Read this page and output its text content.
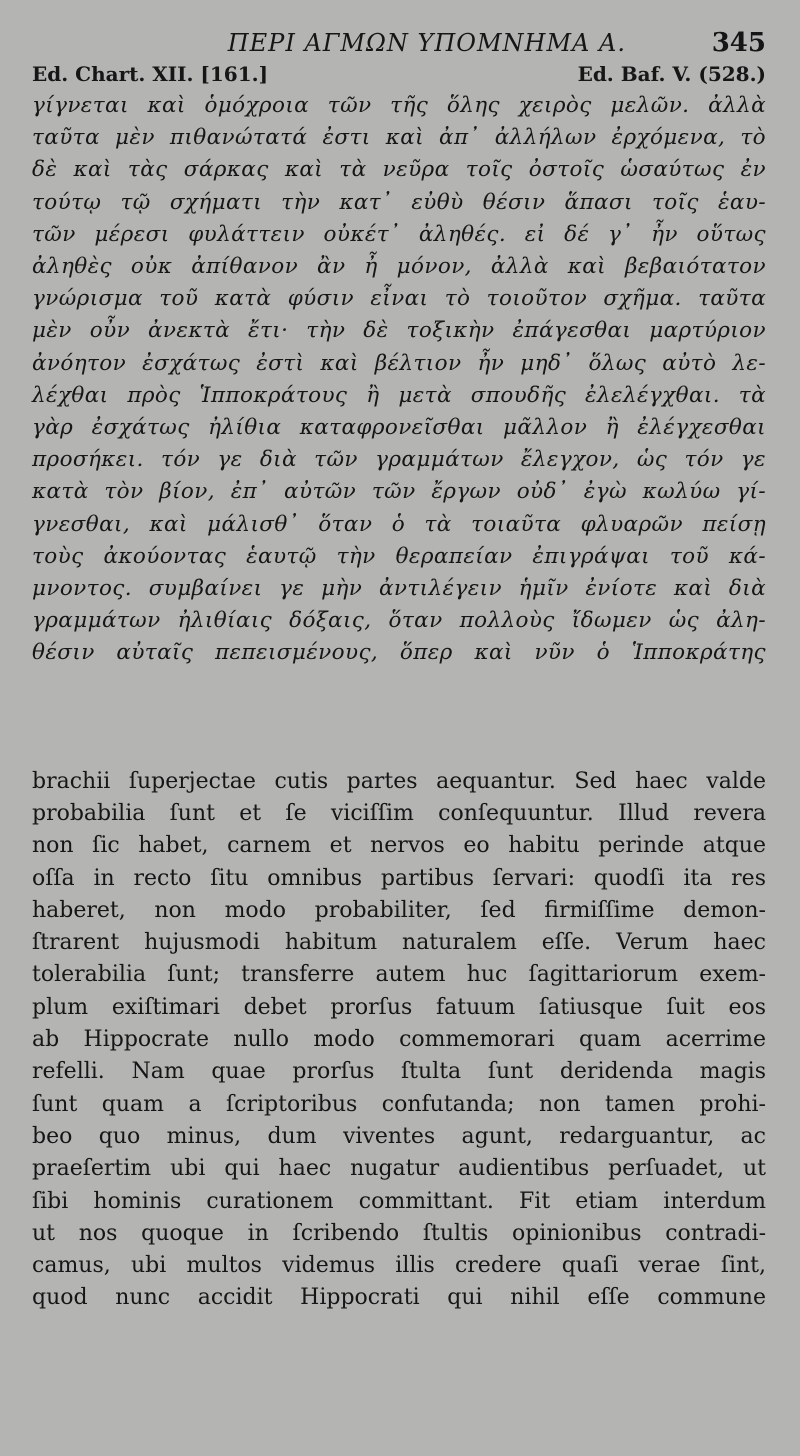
ΠΕΡΙ ΑΓΜΩΝ ΥΠΟΜΝΗΜΑ Α.	345
Ed. Chart. XII. [161.]	Ed. Baf. V. (528.)

γίγνεται καὶ ὁμόχροια τῶν τῆς ὅλης χειρὸς μελῶν. ἀλλὰ

ταῦτα μὲν πιθανώτατά ἐστι καὶ ἀπ᾿ ἀλλήλων ἐρχόμενα, τὸ

δὲ καὶ τὰς σάρκας καὶ τὰ νεῦρα τοῖς ὀστοῖς ὡσαύτως ἐν

τούτῳ τῷ σχήματι τὴν κατ᾿ εὐθὺ θέσιν ἅπασι τοῖς ἑαυ-

τῶν μέρεσι φυλάττειν οὐκέτ᾿ ἀληθές. εἰ δέ γ᾿ ἦν οὕτως

ἀληθὲς οὐκ ἀπίθανον ἂν ἦ μόνον, ἀλλὰ καὶ βεβαιότατον

γνώρισμα τοῦ κατὰ φύσιν εἶναι τὸ τοιοῦτον σχῆμα. ταῦτα

μὲν οὖν ἀνεκτὰ ἔτι· τὴν δὲ τοξικὴν ἐπάγεσθαι μαρτύριον

ἀνόητον ἐσχάτως ἐστὶ καὶ βέλτιον ἦν μηδ᾿ ὅλως αὐτὸ λε-

λέχθαι πρὸς Ἱπποκράτους ἢ μετὰ σπουδῆς ἐλελέγχθαι. τὰ

γὰρ ἐσχάτως ἠλίθια καταφρονεῖσθαι μᾶλλον ἢ ἐλέγχεσθαι

προσήκει. τόν γε διὰ τῶν γραμμάτων ἔλεγχον, ὡς τόν γε

κατὰ τὸν βίον, ἐπ᾿ αὐτῶν τῶν ἔργων οὐδ᾿ ἐγὼ κωλύω γί-

γνεσθαι, καὶ μάλισθ᾿ ὅταν ὁ τὰ τοιαῦτα φλυαρῶν πείσῃ

τοὺς ἀκούοντας ἑαυτῷ τὴν θεραπείαν ἐπιγράψαι τοῦ κά-

μνοντος. συμβαίνει γε μὴν ἀντιλέγειν ἡμῖν ἐνίοτε καὶ διὰ

γραμμάτων ἠλιθίαις δόξαις, ὅταν πολλοὺς ἴδωμεν ὡς ἀλη-

θέσιν αὐταῖς πεπεισμένους, ὅπερ καὶ νῦν ὁ Ἱπποκράτης

brachii ſuperjectae cutis partes aequantur. Sed haec valde

probabilia ſunt et ſe viciſſim conſequuntur. Illud revera

non ſic habet, carnem et nervos eo habitu perinde atque

oſſa in recto ſitu omnibus partibus ſervari: quodſi ita res

haberet, non modo probabiliter, ſed firmiſſime demon-

ſtrarent hujusmodi habitum naturalem eſſe. Verum haec

tolerabilia ſunt; transferre autem huc ſagittariorum exem-

plum exiſtimari debet prorſus fatuum ſatiusque ſuit eos

ab Hippocrate nullo modo commemorari quam acerrime

refelli. Nam quae prorſus ſtulta ſunt deridenda magis

ſunt quam a ſcriptoribus confutanda; non tamen prohi-

beo quo minus, dum viventes agunt, redarguantur, ac

praeſertim ubi qui haec nugatur audientibus perſuadet, ut

ſibi hominis curationem committant. Fit etiam interdum

ut nos quoque in ſcribendo ſtultis opinionibus contradi-

camus, ubi multos videmus illis credere quaſi verae ſint,

quod nunc accidit Hippocrati qui nihil eſſe commune
